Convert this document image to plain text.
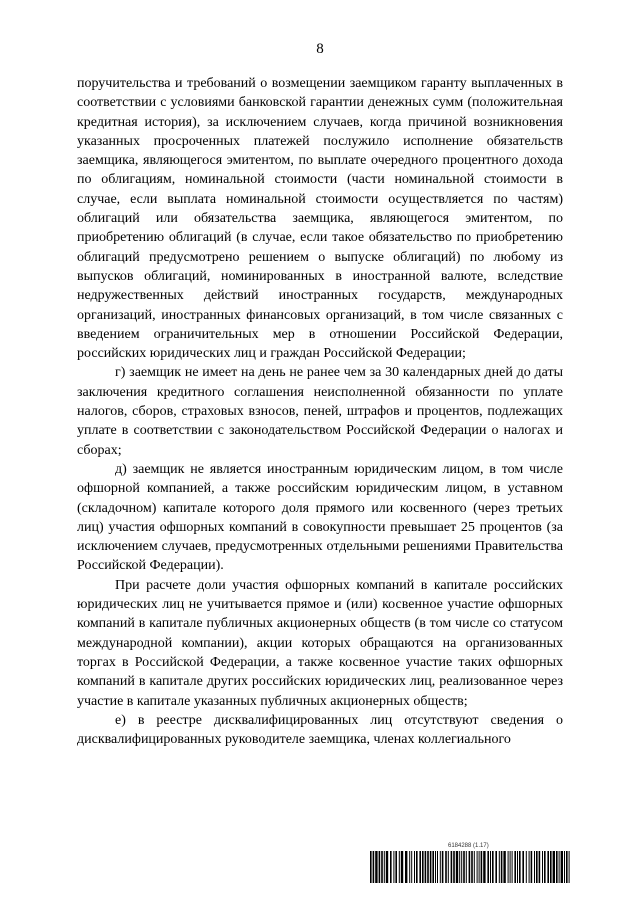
8

поручительства и требований о возмещении заемщиком гаранту выплаченных в соответствии с условиями банковской гарантии денежных сумм (положительная кредитная история), за исключением случаев, когда причиной возникновения указанных просроченных платежей послужило исполнение обязательств заемщика, являющегося эмитентом, по выплате очередного процентного дохода по облигациям, номинальной стоимости (части номинальной стоимости в случае, если выплата номинальной стоимости осуществляется по частям) облигаций или обязательства заемщика, являющегося эмитентом, по приобретению облигаций (в случае, если такое обязательство по приобретению облигаций предусмотрено решением о выпуске облигаций) по любому из выпусков облигаций, номинированных в иностранной валюте, вследствие недружественных действий иностранных государств, международных организаций, иностранных финансовых организаций, в том числе связанных с введением ограничительных мер в отношении Российской Федерации, российских юридических лиц и граждан Российской Федерации;

г) заемщик не имеет на день не ранее чем за 30 календарных дней до даты заключения кредитного соглашения неисполненной обязанности по уплате налогов, сборов, страховых взносов, пеней, штрафов и процентов, подлежащих уплате в соответствии с законодательством Российской Федерации о налогах и сборах;

д) заемщик не является иностранным юридическим лицом, в том числе офшорной компанией, а также российским юридическим лицом, в уставном (складочном) капитале которого доля прямого или косвенного (через третьих лиц) участия офшорных компаний в совокупности превышает 25 процентов (за исключением случаев, предусмотренных отдельными решениями Правительства Российской Федерации).

При расчете доли участия офшорных компаний в капитале российских юридических лиц не учитывается прямое и (или) косвенное участие офшорных компаний в капитале публичных акционерных обществ (в том числе со статусом международной компании), акции которых обращаются на организованных торгах в Российской Федерации, а также косвенное участие таких офшорных компаний в капитале других российских юридических лиц, реализованное через участие в капитале указанных публичных акционерных обществ;

е) в реестре дисквалифицированных лиц отсутствуют сведения о дисквалифицированных руководителе заемщика, членах коллегиального

6184288 (1.17)
